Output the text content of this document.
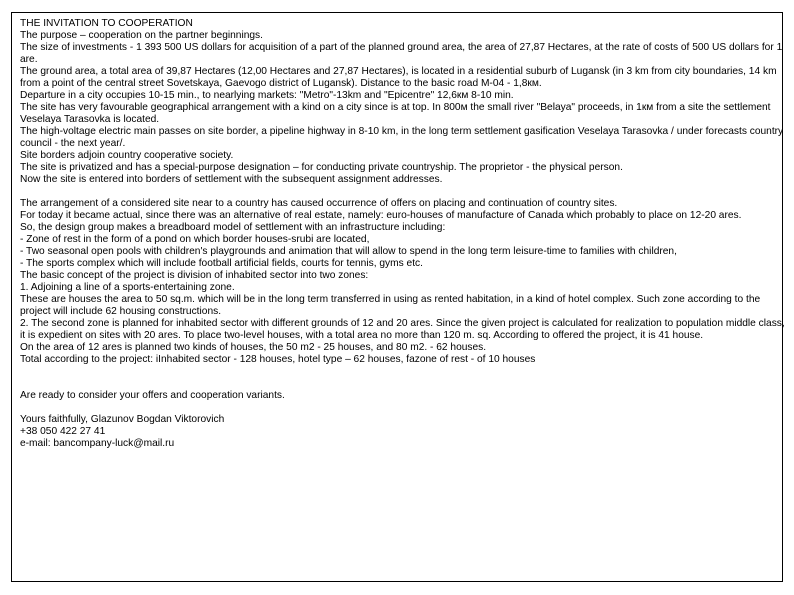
THE INVITATION TO COOPERATION

The purpose – cooperation on the partner beginnings.

The size of investments - 1 393 500 US dollars for acquisition of a part of the planned ground area, the area of 27,87 Hectares, at the rate of costs of 500 US dollars for 1 are.

The ground area, a total area of 39,87 Hectares (12,00 Hectares and 27,87 Hectares), is located in a residential suburb of Lugansk (in 3 km from city boundaries, 14 km from a point of the central street Sovetskaya, Gaevogo district of Lugansk). Distance to the basic road M-04 - 1,8км.

Departure in a city occupies 10-15 min., to nearlying markets: "Metro"-13km and "Epicentre" 12,6км 8-10 min.

The site has very favourable geographical arrangement with a kind on a city since is at top. In 800м the small river "Belaya" proceeds, in 1км from a site the settlement Veselaya Tarasovka is located.

The high-voltage electric main passes on site border, a pipeline highway in 8-10 km, in the long term settlement gasification Veselaya Tarasovka / under forecasts country council - the next year/.

Site borders adjoin country cooperative society.

The site is privatized and has a special-purpose designation – for conducting private countryship. The proprietor - the physical person.

Now the site is entered into borders of settlement with the subsequent assignment addresses.

The arrangement of a considered site near to a country has caused occurrence of offers on placing and continuation of country sites.

For today it became actual, since there was an alternative of real estate, namely: euro-houses of manufacture of Canada which probably to place on 12-20 ares.

So, the design group makes a breadboard model of settlement with an infrastructure including:

- Zone of rest in the form of a pond on which border houses-srubi are located,

- Two seasonal open pools with children's playgrounds and animation that will allow to spend in the long term leisure-time to families with children,

- The sports complex which will include football artificial fields, courts for tennis, gyms etc.

The basic concept of the project is division of inhabited sector into two zones:

1. Adjoining a line of a sports-entertaining zone.

These are houses the area to 50 sq.m. which will be in the long term transferred in using as rented habitation, in a kind of hotel complex. Such zone according to the project will include 62 housing constructions.

2. The second zone is planned for inhabited sector with different grounds of 12 and 20 ares. Since the given project is calculated for realization to population middle class, it is expedient on sites with 20 ares. To place two-level houses, with a total area no more than 120 m. sq. According to offered the project, it is 41 house.

On the area of 12 ares is planned two kinds of houses, the 50 m2 - 25 houses, and 80 m2. - 62 houses.

Total according to the project: iInhabited sector - 128 houses, hotel type – 62 houses, fazone of rest - of 10 houses

Are ready to consider your offers and cooperation variants.

Yours faithfully, Glazunov Bogdan Viktorovich

+38 050 422 27 41

e-mail: bancompany-luck@mail.ru
